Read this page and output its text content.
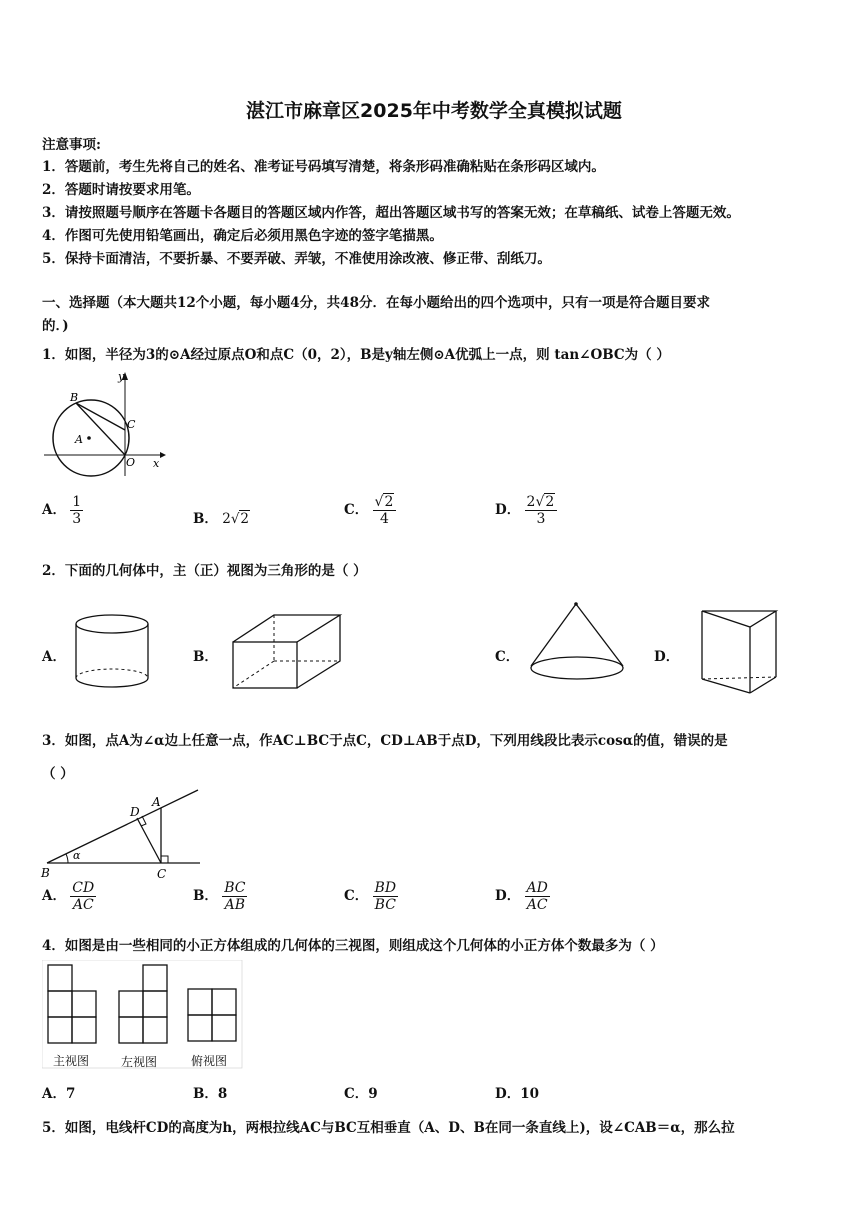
湛江市麻章区2025年中考数学全真模拟试题
注意事项:
1．答题前，考生先将自己的姓名、准考证号码填写清楚，将条形码准确粘贴在条形码区域内。
2．答题时请按要求用笔。
3．请按照题号顺序在答题卡各题目的答题区域内作答，超出答题区域书写的答案无效；在草稿纸、试卷上答题无效。
4．作图可先使用铅笔画出，确定后必须用黑色字迹的签字笔描黑。
5．保持卡面清洁，不要折暴、不要弄破、弄皱，不准使用涂改液、修正带、刮纸刀。
一、选择题（本大题共12个小题，每小题4分，共48分．在每小题给出的四个选项中，只有一项是符合题目要求
的．)
1．如图，半径为3的⊙A经过原点O和点C（0，2），B是y轴左侧⊙A优弧上一点，则 tan∠OBC为（ ）
y
x
B
C
A
O
A． $\frac{1}{3}$	B． 2√2
C． $\frac{√2}{4}$	D． $\frac{2√2}{3}$
2．下面的几何体中，主（正）视图为三角形的是（ ）
A．	B．	C．	D．
3．如图，点A为∠α边上任意一点，作AC⊥BC于点C，CD⊥AB于点D，下列用线段比表示cosα的值，错误的是
（ ）
D
A
B	C
α
A． $\frac{CD}{AC}$	B． $\frac{BC}{AB}$	C． $\frac{BD}{BC}$	D． $\frac{AD}{AC}$
4．如图是由一些相同的小正方体组成的几何体的三视图，则组成这个几何体的小正方体个数最多为（ ）
主视图	左视图	俯视图
A．7	B．8	C．9	D．10
5．如图，电线杆CD的高度为h，两根拉线AC与BC互相垂直（A、D、B在同一条直线上)，设∠CAB＝α，那么拉
